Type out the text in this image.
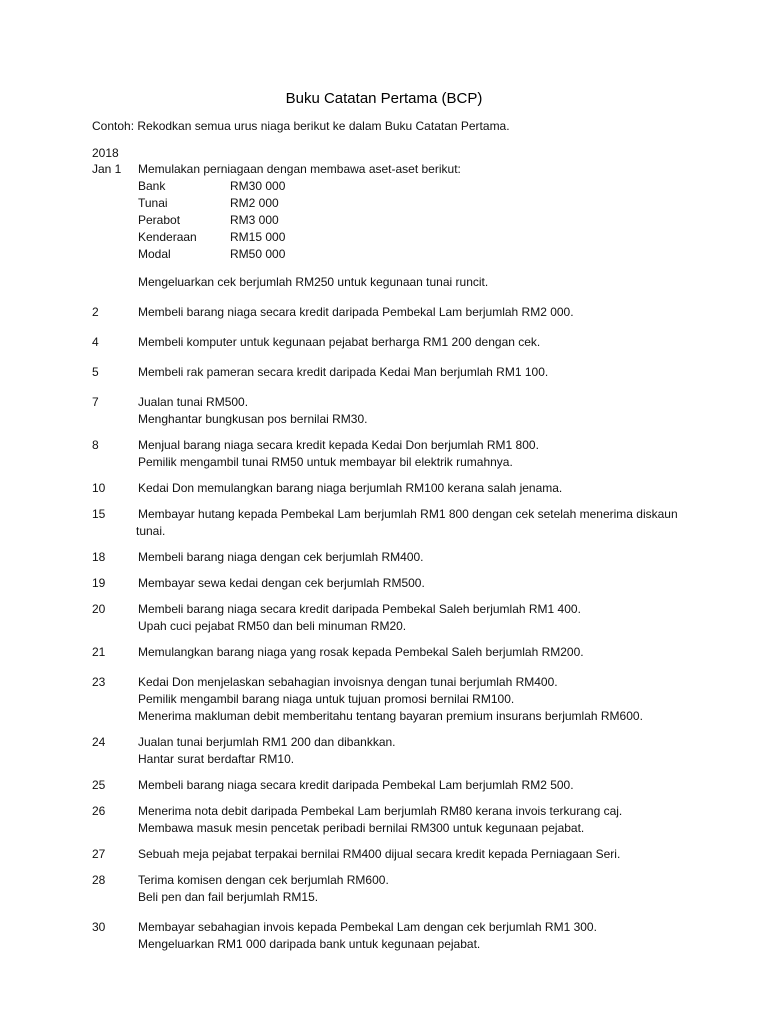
Buku Catatan Pertama (BCP)
Contoh: Rekodkan semua urus niaga berikut ke dalam Buku Catatan Pertama.
2018
Jan 1	Memulakan perniagaan dengan membawa aset-aset berikut:
Bank	RM30 000
Tunai	RM2 000
Perabot	RM3 000
Kenderaan	RM15 000
Modal	RM50 000
Mengeluarkan cek berjumlah RM250 untuk kegunaan tunai runcit.
2	Membeli barang niaga secara kredit daripada Pembekal Lam berjumlah RM2 000.
4	Membeli komputer untuk kegunaan pejabat berharga RM1 200 dengan cek.
5	Membeli rak pameran secara kredit daripada Kedai Man berjumlah RM1 100.
7	Jualan tunai RM500.
Menghantar bungkusan pos bernilai RM30.
8	Menjual barang niaga secara kredit kepada Kedai Don berjumlah RM1 800.
Pemilik mengambil tunai RM50 untuk membayar bil elektrik rumahnya.
10	Kedai Don memulangkan barang niaga berjumlah RM100 kerana salah jenama.
15	Membayar hutang kepada Pembekal Lam berjumlah RM1 800 dengan cek setelah menerima diskaun
tunai.
18	Membeli barang niaga dengan cek berjumlah RM400.
19	Membayar sewa kedai dengan cek berjumlah RM500.
20	Membeli barang niaga secara kredit daripada Pembekal Saleh berjumlah RM1 400.
Upah cuci pejabat RM50 dan beli minuman RM20.
21	Memulangkan barang niaga yang rosak kepada Pembekal Saleh berjumlah RM200.
23	Kedai Don menjelaskan sebahagian invoisnya dengan tunai berjumlah RM400.
Pemilik mengambil barang niaga untuk tujuan promosi bernilai RM100.
Menerima makluman debit memberitahu tentang bayaran premium insurans berjumlah RM600.
24	Jualan tunai berjumlah RM1 200 dan dibankkan.
Hantar surat berdaftar RM10.
25	Membeli barang niaga secara kredit daripada Pembekal Lam berjumlah RM2 500.
26	Menerima nota debit daripada Pembekal Lam berjumlah RM80 kerana invois terkurang caj.
Membawa masuk mesin pencetak peribadi bernilai RM300 untuk kegunaan pejabat.
27	Sebuah meja pejabat terpakai bernilai RM400 dijual secara kredit kepada Perniagaan Seri.
28	Terima komisen dengan cek berjumlah RM600.
Beli pen dan fail berjumlah RM15.
30	Membayar sebahagian invois kepada Pembekal Lam dengan cek berjumlah RM1 300.
Mengeluarkan RM1 000 daripada bank untuk kegunaan pejabat.
